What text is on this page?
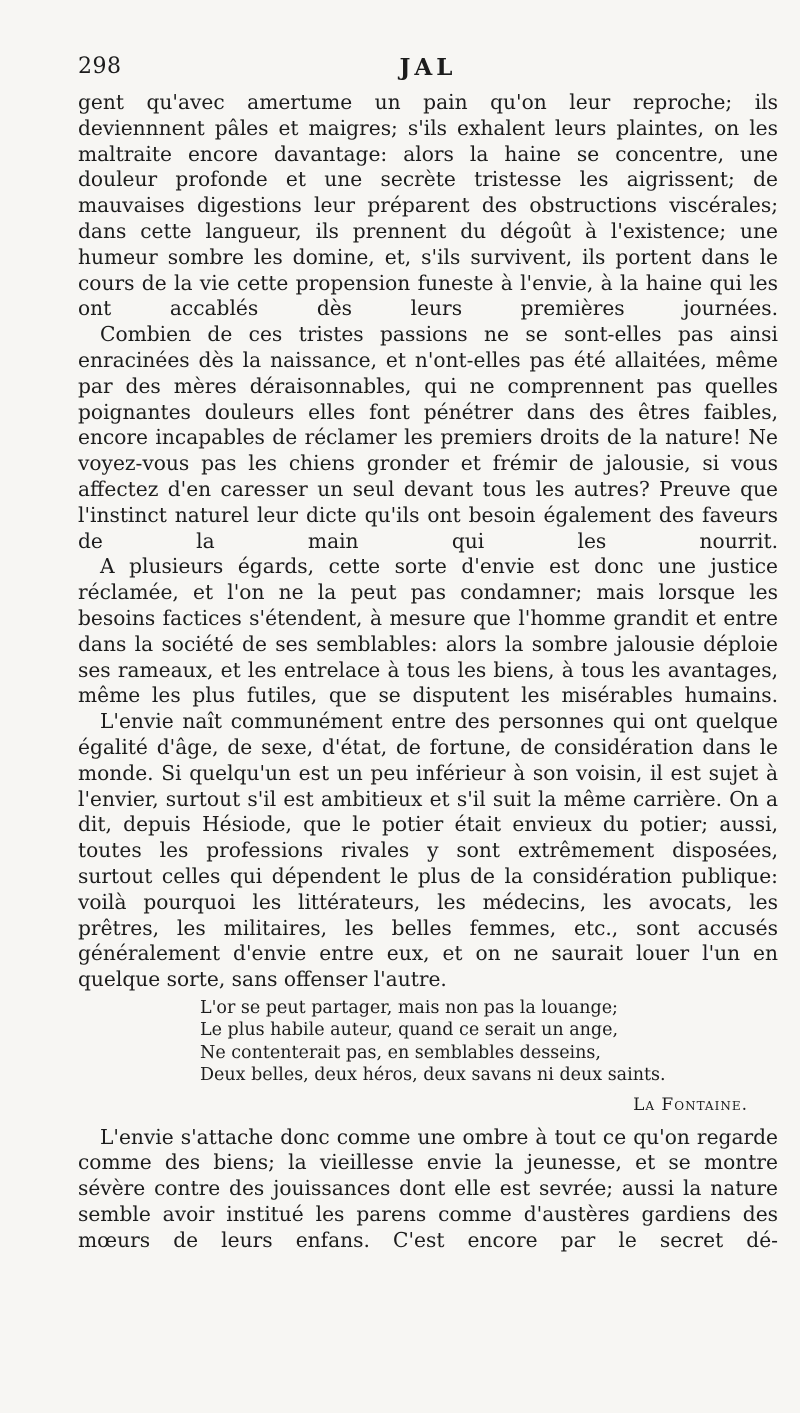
298	JAL

gent qu'avec amertume un pain qu'on leur reproche; ils deviennnent pâles et maigres; s'ils exhalent leurs plaintes, on les maltraite encore davantage: alors la haine se concentre, une douleur profonde et une secrète tristesse les aigrissent; de mauvaises digestions leur préparent des obstructions viscérales; dans cette langueur, ils prennent du dégoût à l'existence; une humeur sombre les domine, et, s'ils survivent, ils portent dans le cours de la vie cette propension funeste à l'envie, à la haine qui les ont accablés dès leurs premières journées.

Combien de ces tristes passions ne se sont-elles pas ainsi enracinées dès la naissance, et n'ont-elles pas été allaitées, même par des mères déraisonnables, qui ne comprennent pas quelles poignantes douleurs elles font pénétrer dans des êtres faibles, encore incapables de réclamer les premiers droits de la nature! Ne voyez-vous pas les chiens gronder et frémir de jalousie, si vous affectez d'en caresser un seul devant tous les autres? Preuve que l'instinct naturel leur dicte qu'ils ont besoin également des faveurs de la main qui les nourrit.

A plusieurs égards, cette sorte d'envie est donc une justice réclamée, et l'on ne la peut pas condamner; mais lorsque les besoins factices s'étendent, à mesure que l'homme grandit et entre dans la société de ses semblables: alors la sombre jalousie déploie ses rameaux, et les entrelace à tous les biens, à tous les avantages, même les plus futiles, que se disputent les misérables humains.

L'envie naît communément entre des personnes qui ont quelque égalité d'âge, de sexe, d'état, de fortune, de considération dans le monde. Si quelqu'un est un peu inférieur à son voisin, il est sujet à l'envier, surtout s'il est ambitieux et s'il suit la même carrière. On a dit, depuis Hésiode, que le potier était envieux du potier; aussi, toutes les professions rivales y sont extrêmement disposées, surtout celles qui dépendent le plus de la considération publique: voilà pourquoi les littérateurs, les médecins, les avocats, les prêtres, les militaires, les belles femmes, etc., sont accusés généralement d'envie entre eux, et on ne saurait louer l'un en quelque sorte, sans offenser l'autre.

L'or se peut partager, mais non pas la louange;
Le plus habile auteur, quand ce serait un ange,
Ne contenterait pas, en semblables desseins,
Deux belles, deux héros, deux savans ni deux saints.
La Fontaine.

L'envie s'attache donc comme une ombre à tout ce qu'on regarde comme des biens; la vieillesse envie la jeunesse, et se montre sévère contre des jouissances dont elle est sevrée; aussi la nature semble avoir institué les parens comme d'austères gardiens des mœurs de leurs enfans. C'est encore par le secret dé-
